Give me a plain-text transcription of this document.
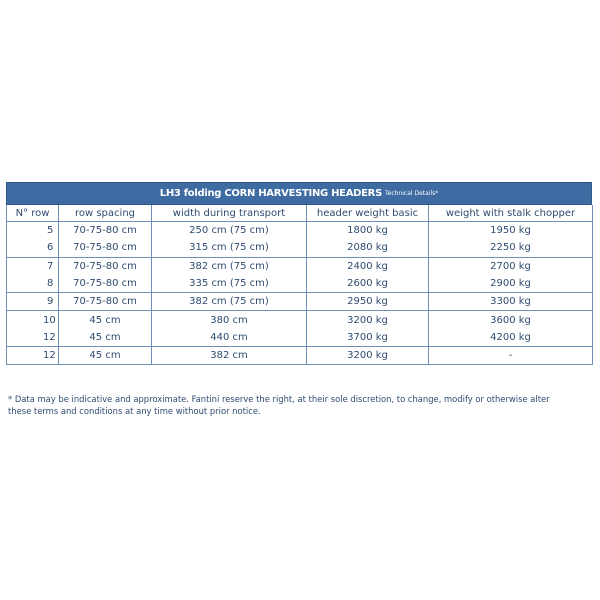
LH3 folding CORN HARVESTING HEADERS Technical Details*
N° row	row spacing	width during transport	header weight basic	weight with stalk chopper
5	70-75-80 cm	250 cm (75 cm)	1800 kg	1950 kg
6	70-75-80 cm	315 cm (75 cm)	2080 kg	2250 kg
7	70-75-80 cm	382 cm (75 cm)	2400 kg	2700 kg
8	70-75-80 cm	335 cm (75 cm)	2600 kg	2900 kg
9	70-75-80 cm	382 cm (75 cm)	2950 kg	3300 kg
10	45 cm	380 cm	3200 kg	3600 kg
12	45 cm	440 cm	3700 kg	4200 kg
12	45 cm	382 cm	3200 kg	-
* Data may be indicative and approximate. Fantini reserve the right, at their sole discretion, to change, modify or otherwise alter these terms and conditions at any time without prior notice.
